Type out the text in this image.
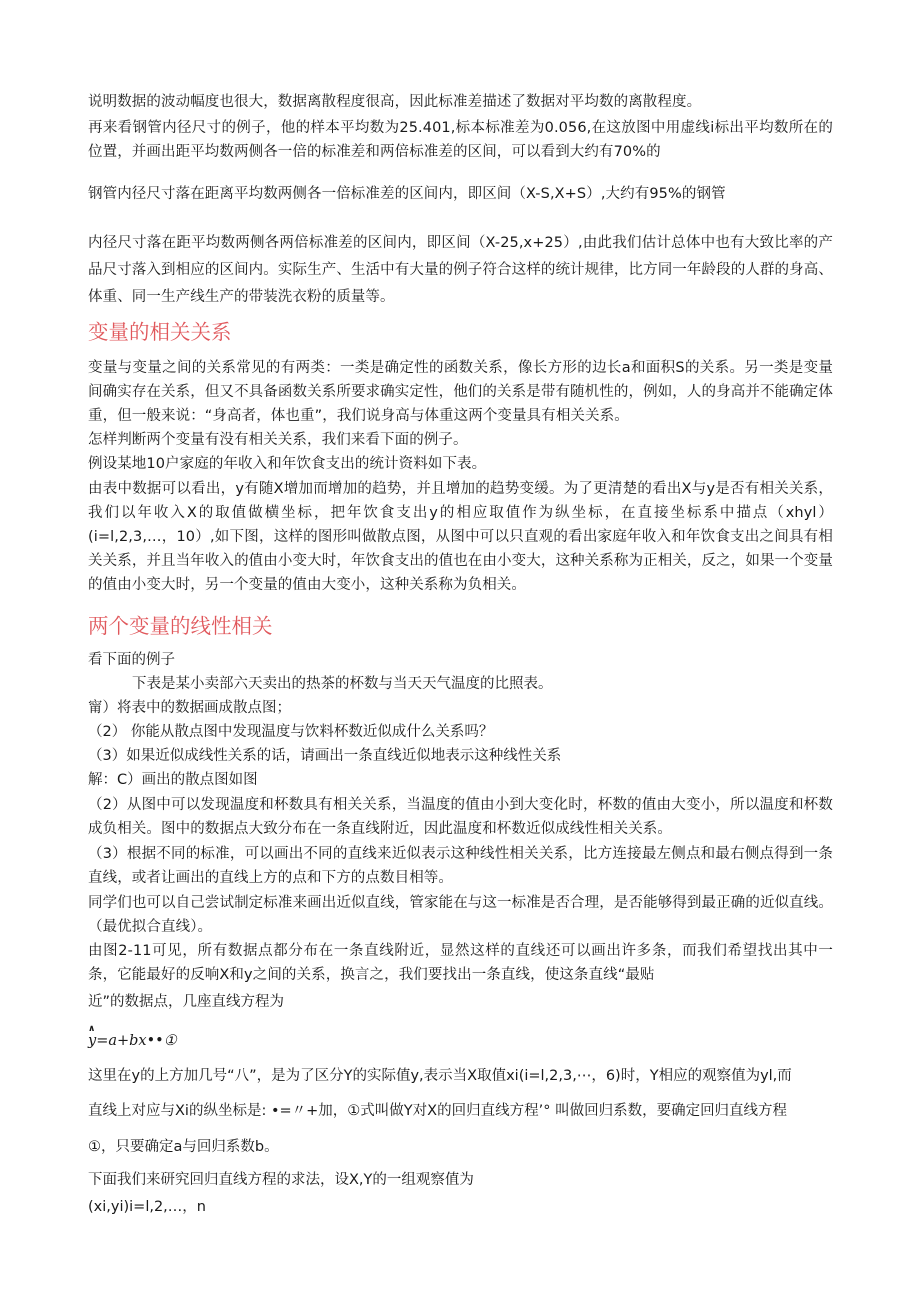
说明数据的波动幅度也很大，数据离散程度很高，因此标准差描述了数据对平均数的离散程度。
再来看钢管内径尺寸的例子，他的样本平均数为25.401,标本标准差为0.056,在这放图中用虚线i标出平均数所在的位置，并画出距平均数两侧各一倍的标准差和两倍标准差的区间，可以看到大约有70%的
钢管内径尺寸落在距离平均数两侧各一倍标准差的区间内，即区间（X-S,X+S）,大约有95%的钢管
内径尺寸落在距平均数两侧各两倍标准差的区间内，即区间（X-25,x+25）,由此我们估计总体中也有大致比率的产品尺寸落入到相应的区间内。实际生产、生活中有大量的例子符合这样的统计规律，比方同一年龄段的人群的身高、体重、同一生产线生产的带装洗衣粉的质量等。
变量的相关关系
变量与变量之间的关系常见的有两类：一类是确定性的函数关系，像长方形的边长a和面积S的关系。另一类是变量间确实存在关系，但又不具备函数关系所要求确实定性，他们的关系是带有随机性的，例如，人的身高并不能确定体重，但一般来说：“身高者，体也重”，我们说身高与体重这两个变量具有相关关系。
怎样判断两个变量有没有相关关系，我们来看下面的例子。
例设某地10户家庭的年收入和年饮食支出的统计资料如下表。
由表中数据可以看出，y有随X增加而增加的趋势，并且增加的趋势变缓。为了更清楚的看出X与y是否有相关关系，我们以年收入X的取值做横坐标，把年饮食支出y的相应取值作为纵坐标，在直接坐标系中描点（xhyl）(i=l,2,3,…，10）,如下图，这样的图形叫做散点图，从图中可以只直观的看出家庭年收入和年饮食支出之间具有相关关系，并且当年收入的值由小变大时，年饮食支出的值也在由小变大，这种关系称为正相关，反之，如果一个变量的值由小变大时，另一个变量的值由大变小，这种关系称为负相关。
两个变量的线性相关
看下面的例子
下表是某小卖部六天卖出的热茶的杯数与当天天气温度的比照表。
甯）将表中的数据画成散点图；
（2） 你能从散点图中发现温度与饮料杯数近似成什么关系吗？
（3）如果近似成线性关系的话，请画出一条直线近似地表示这种线性关系
解：C）画出的散点图如图
（2）从图中可以发现温度和杯数具有相关关系，当温度的值由小到大变化时，杯数的值由大变小，所以温度和杯数成负相关。图中的数据点大致分布在一条直线附近，因此温度和杯数近似成线性相关关系。
（3）根据不同的标准，可以画出不同的直线来近似表示这种线性相关关系，比方连接最左侧点和最右侧点得到一条直线，或者让画出的直线上方的点和下方的点数目相等。
同学们也可以自己尝试制定标准来画出近似直线，管家能在与这一标准是否合理，是否能够得到最正确的近似直线。（最优拟合直线）。
由图2-11可见，所有数据点都分布在一条直线附近，显然这样的直线还可以画出许多条，而我们希望找出其中一条，它能最好的反响X和y之间的关系，换言之，我们要找出一条直线，使这条直线“最贴
近”的数据点，几座直线方程为
∧
y=a+bx••①
这里在y的上方加几号“八”，是为了区分Y的实际值y,表示当X取值xi(i=l,2,3,⋯，6)时，Y相应的观察值为yl,而
直线上对应与Xi的纵坐标是: •=〃+加，①式叫做Y对X的回归直线方程’° 叫做回归系数，要确定回归直线方程
①，只要确定a与回归系数b。
下面我们来研究回归直线方程的求法，设X,Y的一组观察值为
(xi,yi)i=l,2,…，n
